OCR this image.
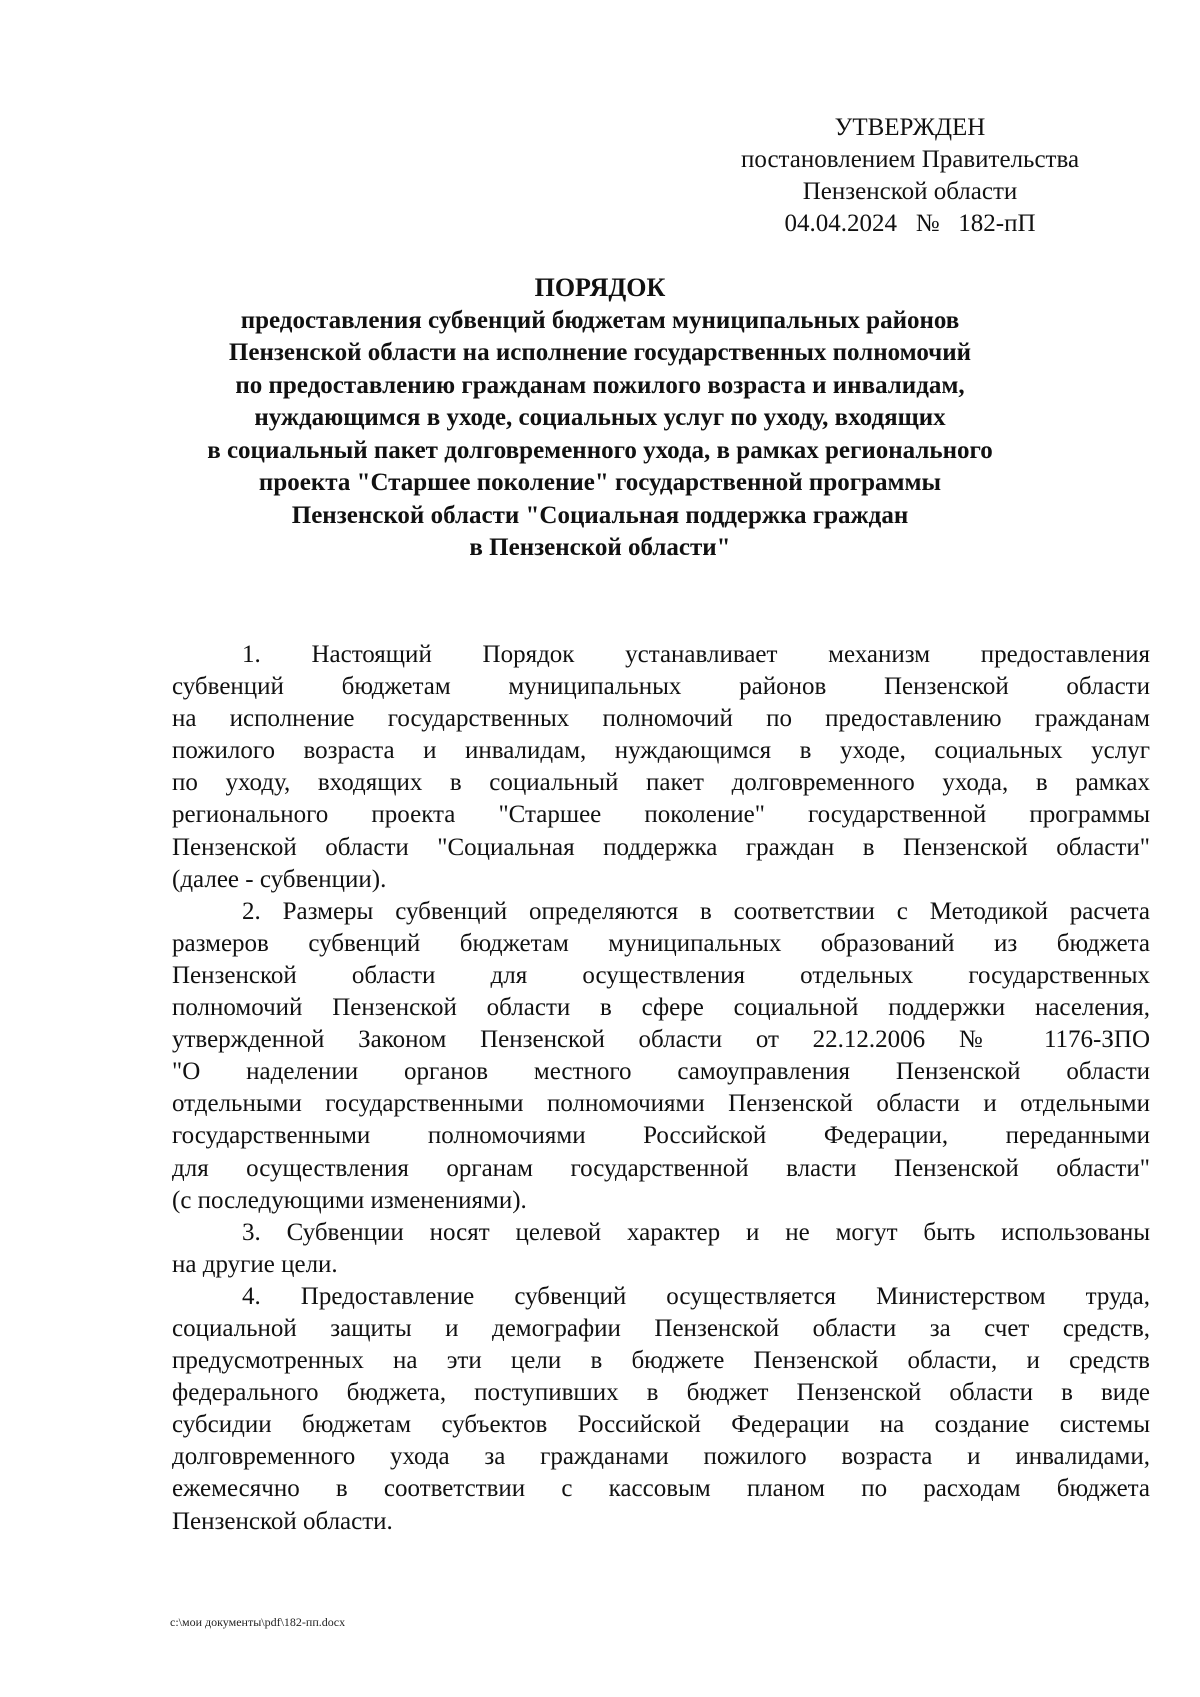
УТВЕРЖДЕН
постановлением Правительства
Пензенской области
04.04.2024   №   182-пП
ПОРЯДОК
предоставления субвенций бюджетам муниципальных районов
Пензенской области на исполнение государственных полномочий
по предоставлению гражданам пожилого возраста и инвалидам,
нуждающимся в уходе, социальных услуг по уходу, входящих
в социальный пакет долговременного ухода, в рамках регионального
проекта "Старшее поколение" государственной программы
Пензенской области "Социальная поддержка граждан
в Пензенской области"
1. Настоящий Порядок устанавливает механизм предоставления
субвенций бюджетам муниципальных районов Пензенской области
на исполнение государственных полномочий по предоставлению гражданам
пожилого возраста и инвалидам, нуждающимся в уходе, социальных услуг
по уходу, входящих в социальный пакет долговременного ухода, в рамках
регионального проекта "Старшее поколение" государственной программы
Пензенской области "Социальная поддержка граждан в Пензенской области"
(далее - субвенции).
2. Размеры субвенций определяются в соответствии с Методикой расчета
размеров субвенций бюджетам муниципальных образований из бюджета
Пензенской области для осуществления отдельных государственных
полномочий Пензенской области в сфере социальной поддержки населения,
утвержденной Законом Пензенской области от 22.12.2006 № 1176-ЗПО
"О наделении органов местного самоуправления Пензенской области
отдельными государственными полномочиями Пензенской области и отдельными
государственными полномочиями Российской Федерации, переданными
для осуществления органам государственной власти Пензенской области"
(с последующими изменениями).
3. Субвенции носят целевой характер и не могут быть использованы
на другие цели.
4. Предоставление субвенций осуществляется Министерством труда,
социальной защиты и демографии Пензенской области за счет средств,
предусмотренных на эти цели в бюджете Пензенской области, и средств
федерального бюджета, поступивших в бюджет Пензенской области в виде
субсидии бюджетам субъектов Российской Федерации на создание системы
долговременного ухода за гражданами пожилого возраста и инвалидами,
ежемесячно в соответствии с кассовым планом по расходам бюджета
Пензенской области.
c:\мои документы\pdf\182-пп.docx
